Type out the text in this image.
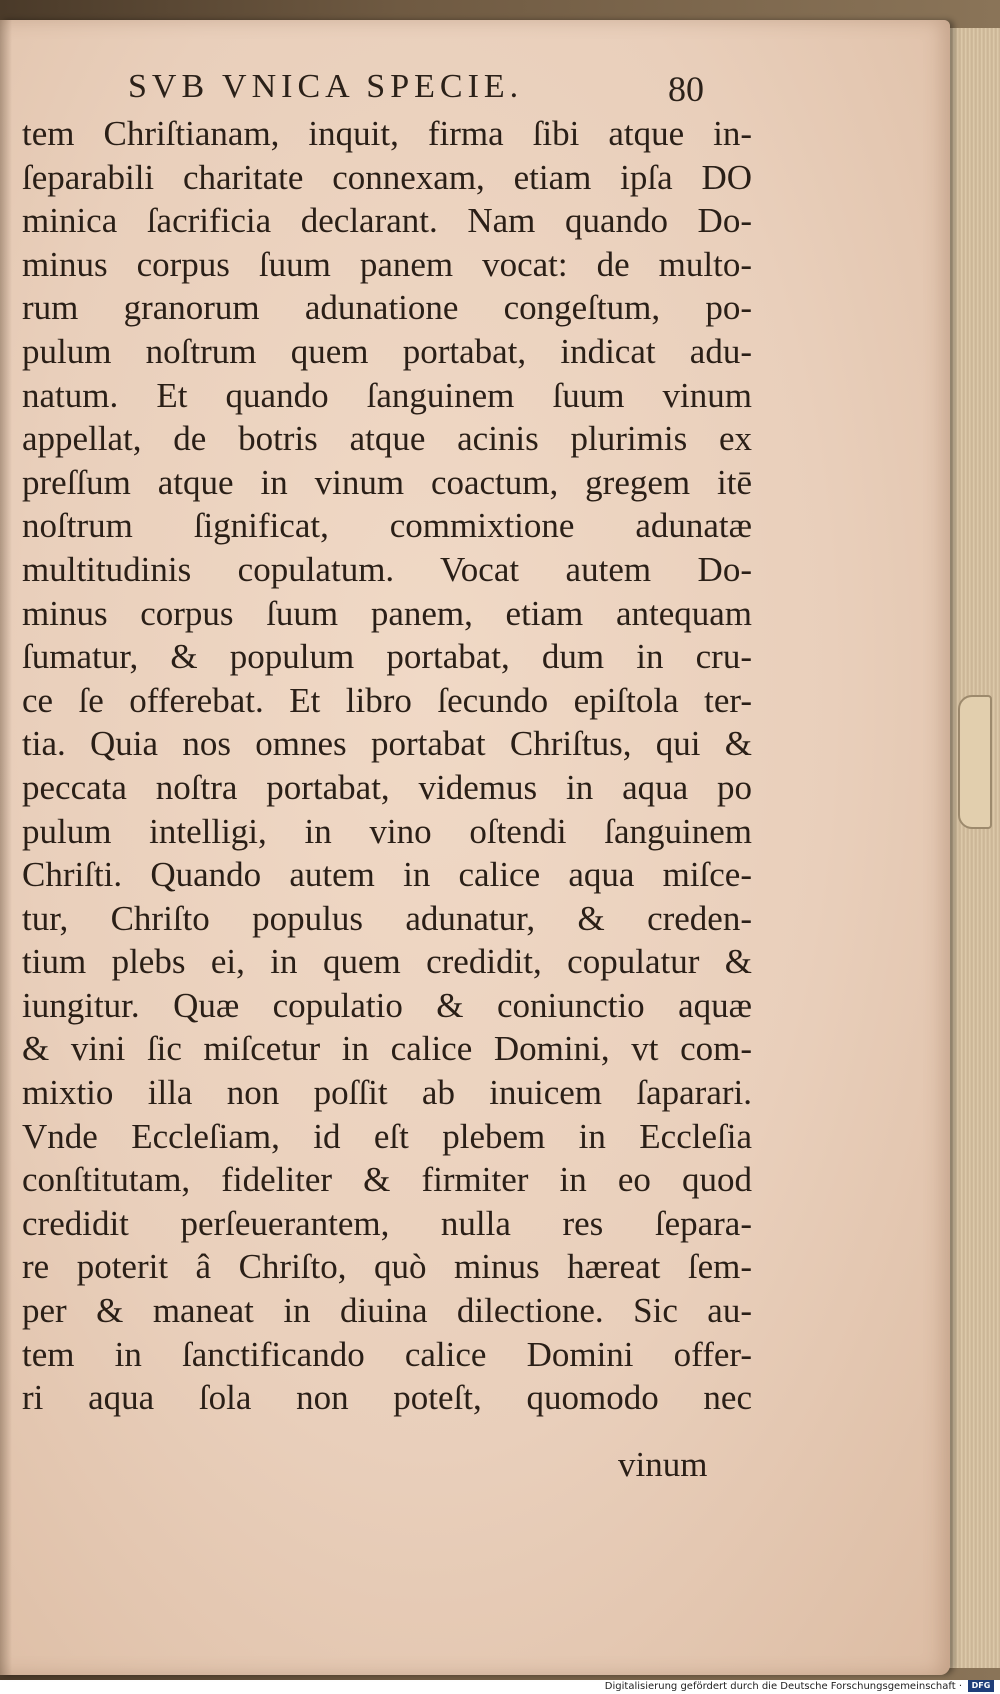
SVB VNICA SPECIE.	80
tem Chriſtianam, inquit, firma ſibi atque in-
ſeparabili charitate connexam, etiam ipſa DO
minica ſacrificia declarant. Nam quando Do-
minus corpus ſuum panem vocat: de multo-
rum granorum adunatione congeſtum, po-
pulum noſtrum quem portabat, indicat adu-
natum. Et quando ſanguinem ſuum vinum
appellat, de botris atque acinis plurimis ex
preſſum atque in vinum coactum, gregem itē
noſtrum ſignificat, commixtione adunatæ
multitudinis copulatum. Vocat autem Do-
minus corpus ſuum panem, etiam antequam
ſumatur, & populum portabat, dum in cru-
ce ſe offerebat. Et libro ſecundo epiſtola ter-
tia. Quia nos omnes portabat Chriſtus, qui &
peccata noſtra portabat, videmus in aqua po
pulum intelligi, in vino oſtendi ſanguinem
Chriſti. Quando autem in calice aqua miſce-
tur, Chriſto populus adunatur, & creden-
tium plebs ei, in quem credidit, copulatur &
iungitur. Quæ copulatio & coniunctio aquæ
& vini ſic miſcetur in calice Domini, vt com-
mixtio illa non poſſit ab inuicem ſaparari.
Vnde Eccleſiam, id eſt plebem in Eccleſia
conſtitutam, fideliter & firmiter in eo quod
credidit perſeuerantem, nulla res ſepara-
re poterit â Chriſto, quò minus hæreat ſem-
per & maneat in diuina dilectione. Sic au-
tem in ſanctificando calice Domini offer-
ri aqua ſola non poteſt, quomodo nec
vinum
Digitalisierung gefördert durch die Deutsche Forschungsgemeinschaft ·	DFG
